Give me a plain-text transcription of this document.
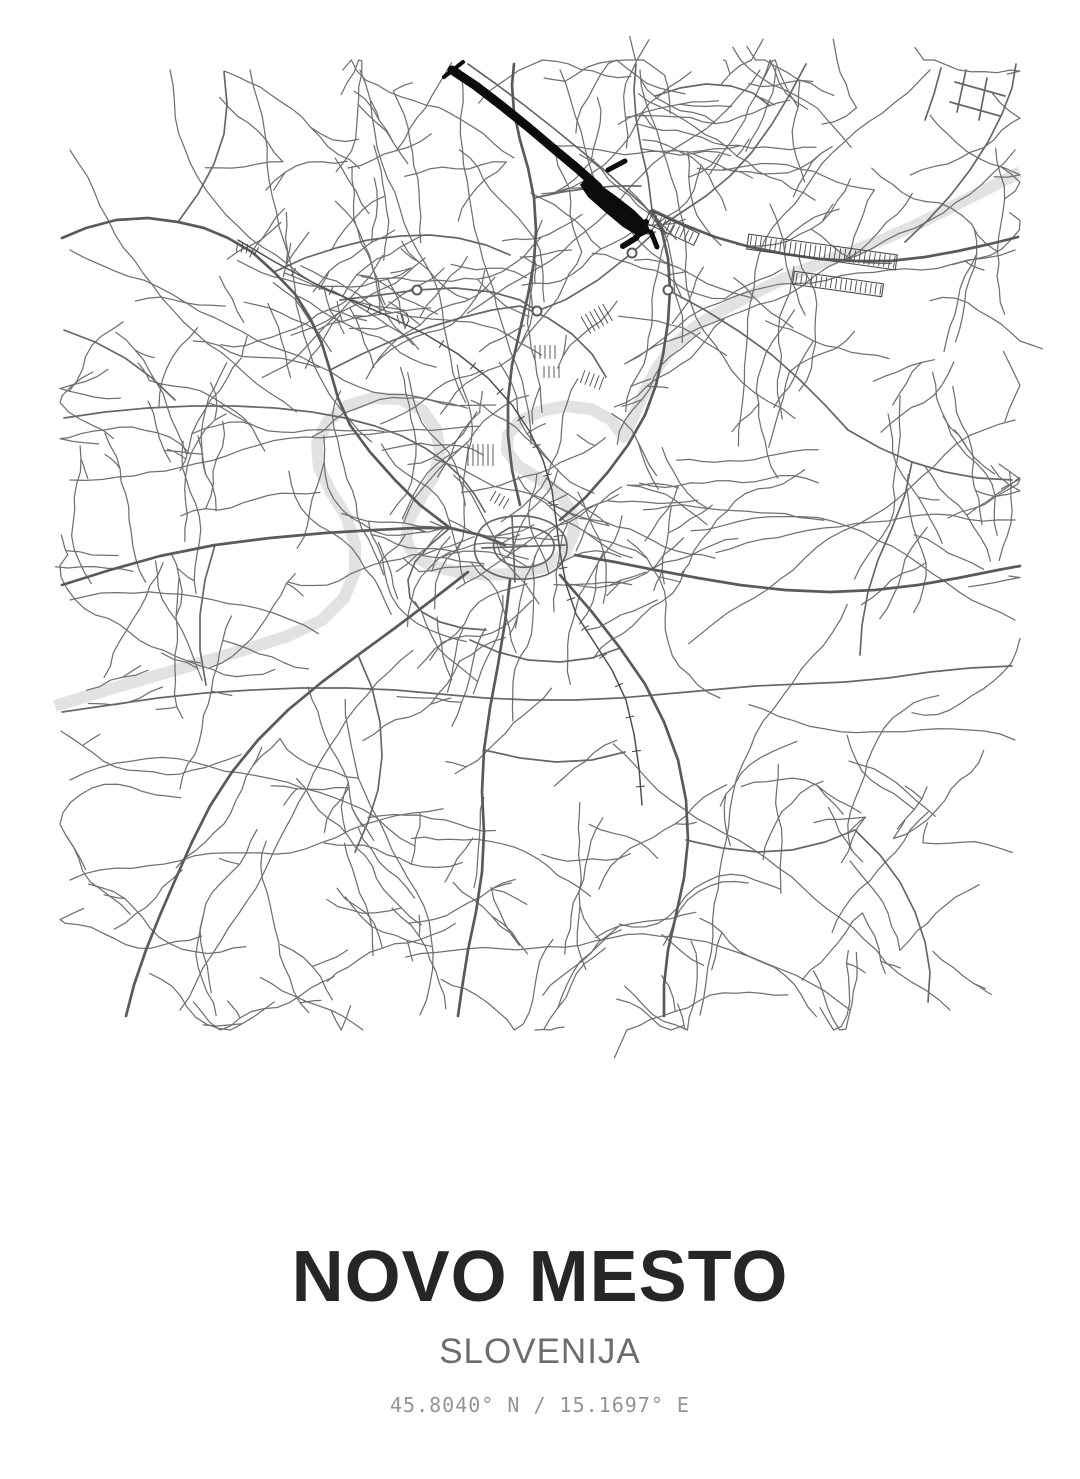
NOVO MESTO
SLOVENIJA
45.8040° N / 15.1697° E
